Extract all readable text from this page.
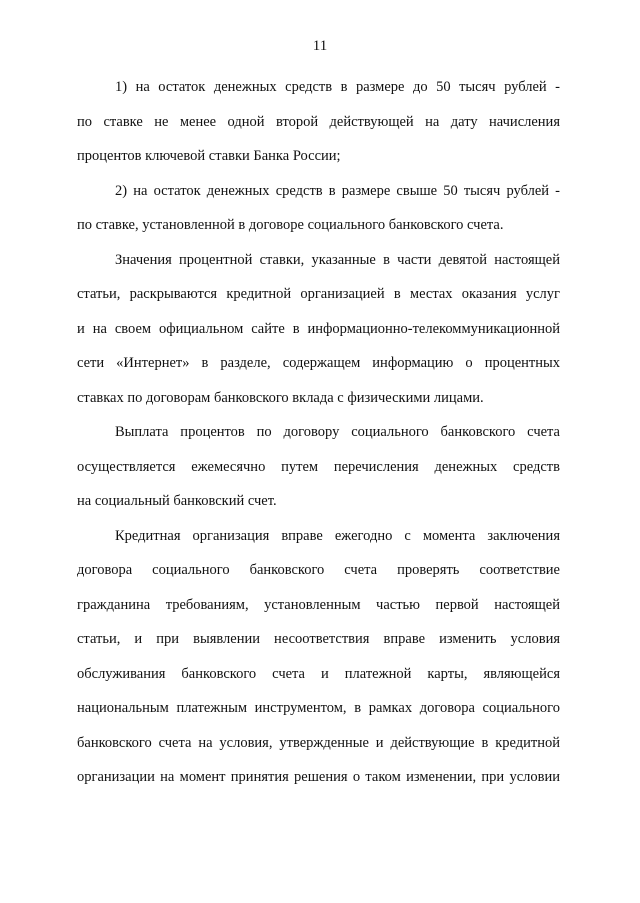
11

1) на остаток денежных средств в размере до 50 тысяч рублей -
по ставке не менее одной второй действующей на дату начисления
процентов ключевой ставки Банка России;

2) на остаток денежных средств в размере свыше 50 тысяч рублей -
по ставке, установленной в договоре социального банковского счета.

Значения процентной ставки, указанные в части девятой настоящей
статьи, раскрываются кредитной организацией в местах оказания услуг
и на своем официальном сайте в информационно-телекоммуникационной
сети «Интернет» в разделе, содержащем информацию о процентных
ставках по договорам банковского вклада с физическими лицами.

Выплата процентов по договору социального банковского счета
осуществляется ежемесячно путем перечисления денежных средств
на социальный банковский счет.

Кредитная организация вправе ежегодно с момента заключения
договора социального банковского счета проверять соответствие
гражданина требованиям, установленным частью первой настоящей
статьи, и при выявлении несоответствия вправе изменить условия
обслуживания банковского счета и платежной карты, являющейся
национальным платежным инструментом, в рамках договора социального
банковского счета на условия, утвержденные и действующие в кредитной
организации на момент принятия решения о таком изменении, при условии
